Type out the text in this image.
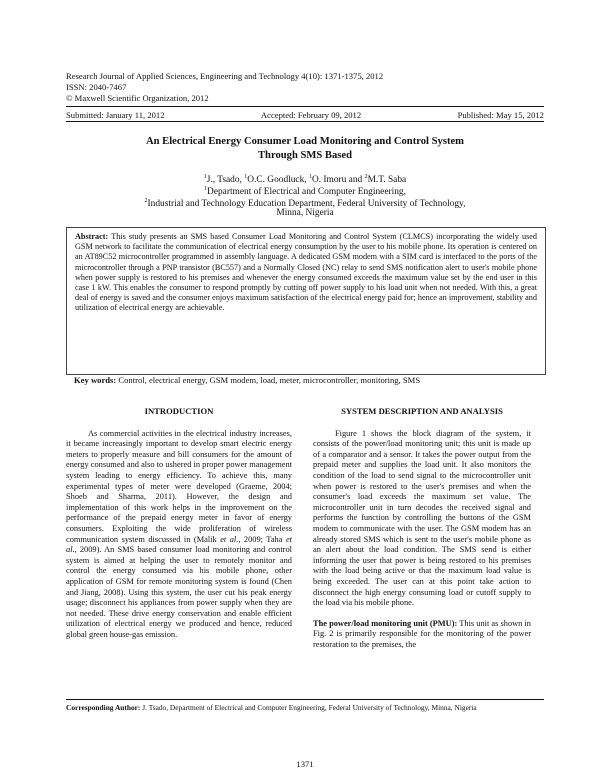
Research Journal of Applied Sciences, Engineering and Technology 4(10): 1371-1375, 2012
ISSN: 2040-7467
© Maxwell Scientific Organization, 2012
Submitted: January 11, 2012	Accepted: February 09, 2012	Published: May 15, 2012
An Electrical Energy Consumer Load Monitoring and Control System
Through SMS Based
$^1$J., Tsado, $^1$O.C. Goodluck, $^1$O. Imoru and $^2$M.T. Saba
$^1$Department of Electrical and Computer Engineering,
$^2$Industrial and Technology Education Department, Federal University of Technology,
Minna, Nigeria
Abstract: This study presents an SMS based Consumer Load Monitoring and Control System (CLMCS) incorporating the widely used GSM network to facilitate the communication of electrical energy consumption by the user to his mobile phone. Its operation is centered on an AT89C52 microcontroller programmed in assembly language. A dedicated GSM modem with a SIM card is interfaced to the ports of the microcontroller through a PNP transistor (BC557) and a Normally Closed (NC) relay to send SMS notification alert to user's mobile phone when power supply is restored to his premises and whenever the energy consumed exceeds the maximum value set by the end user in this case 1 kW. This enables the consumer to respond promptly by cutting off power supply to his load unit when not needed. With this, a great deal of energy is saved and the consumer enjoys maximum satisfaction of the electrical energy paid for; hence an improvement, stability and utilization of electrical energy are achievable.
Key words: Control, electrical energy, GSM modem, load, meter, microcontroller, monitoring, SMS
INTRODUCTION

As commercial activities in the electrical industry increases, it became increasingly important to develop smart electric energy meters to properly measure and bill consumers for the amount of energy consumed and also to ushered in proper power management system leading to energy efficiency. To achieve this, many experimental types of meter were developed (Graeme, 2004; Shoeb and Sharma, 2011). However, the design and implementation of this work helps in the improvement on the performance of the prepaid energy meter in favor of energy consumers. Exploiting the wide proliferation of wireless communication system discussed in (Malik et al., 2009; Taha et al., 2009). An SMS based consumer load monitoring and control system is aimed at helping the user to remotely monitor and control the energy consumed via his mobile phone, other application of GSM for remote monitoring system is found (Chen and Jiang, 2008). Using this system, the user cut his peak energy usage; disconnect his appliances from power supply when they are not needed. These drive energy conservation and enable efficient utilization of electrical energy we produced and hence, reduced global green house-gas emission.

SYSTEM DESCRIPTION AND ANALYSIS

Figure 1 shows the block diagram of the system, it consists of the power/load monitoring unit; this unit is made up of a comparator and a sensor. It takes the power output from the prepaid meter and supplies the load unit. It also monitors the condition of the load to send signal to the microcontroller unit when power is restored to the user's premises and when the consumer's load exceeds the maximum set value. The microcontroller unit in turn decodes the received signal and performs the function by controlling the buttons of the GSM modem to communicate with the user. The GSM modem has an already stored SMS which is sent to the user's mobile phone as an alert about the load condition. The SMS send is either informing the user that power is being restored to his premises with the load being active or that the maximum load value is being exceeded. The user can at this point take action to disconnect the high energy consuming load or cutoff supply to the load via his mobile phone.

The power/load monitoring unit (PMU): This unit as shown in Fig. 2 is primarily responsible for the monitoring of the power restoration to the premises, the

Corresponding Author: J. Tsado, Department of Electrical and Computer Engineering, Federal University of Technology, Minna, Nigeria
1371
